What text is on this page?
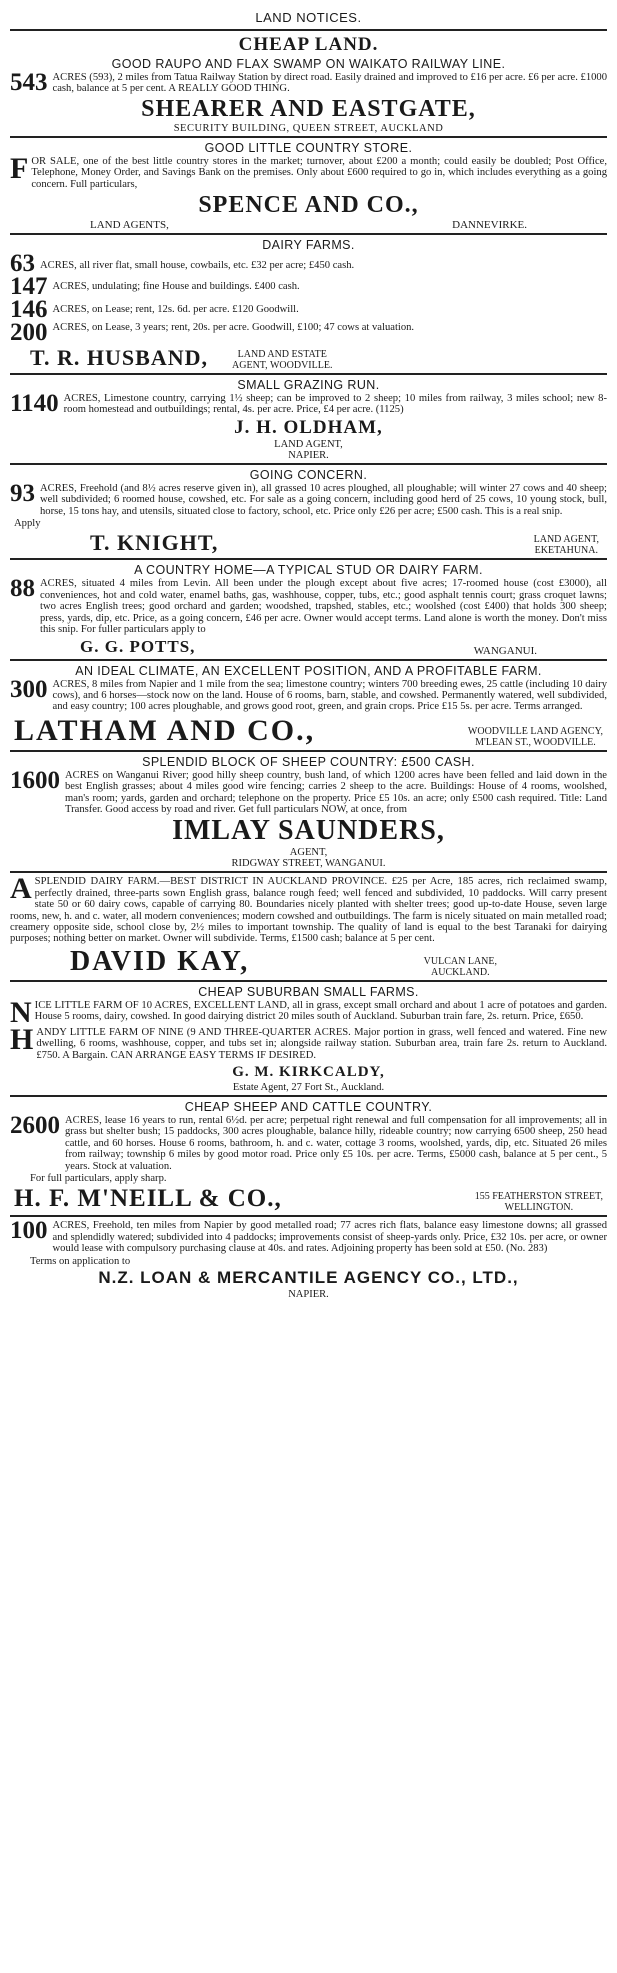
LAND NOTICES.
CHEAP LAND.
GOOD RAUPO AND FLAX SWAMP ON WAIKATO RAILWAY LINE.
543 ACRES (593), 2 miles from Tatua Railway Station by direct road. Easily drained and improved to £16 per acre. £6 per acre. £1000 cash, balance at 5 per cent. A REALLY GOOD THING.
SHEARER AND EASTGATE,
SECURITY BUILDING, QUEEN STREET, AUCKLAND
GOOD LITTLE COUNTRY STORE.
F OR SALE, one of the best little country stores in the market; turnover, about £200 a month; could easily be doubled; Post Office, Telephone, Money Order, and Savings Bank on the premises. Only about £600 required to go in, which includes everything as a going concern. Full particulars,
SPENCE AND CO.,
LAND AGENTS,	DANNEVIRKE.
DAIRY FARMS.
63 ACRES, all river flat, small house, cowbails, etc. £32 per acre; £450 cash.
147 ACRES, undulating; fine House and buildings. £400 cash.
146 ACRES, on Lease; rent, 12s. 6d. per acre. £120 Goodwill.
200 ACRES, on Lease, 3 years; rent, 20s. per acre. Goodwill, £100; 47 cows at valuation.
T. R. HUSBAND,	LAND AND ESTATE
AGENT, WOODVILLE.
SMALL GRAZING RUN.
1140 ACRES, Limestone country, carrying 1½ sheep; can be improved to 2 sheep; 10 miles from railway, 3 miles school; new 8-room homestead and outbuildings; rental, 4s. per acre. Price, £4 per acre. (1125)
J. H. OLDHAM,
LAND AGENT,
NAPIER.
GOING CONCERN.
93 ACRES, Freehold (and 8½ acres reserve given in), all grassed 10 acres ploughed, all ploughable; will winter 27 cows and 40 sheep; well subdivided; 6 roomed house, cowshed, etc. For sale as a going concern, including good herd of 25 cows, 10 young stock, bull, horse, 15 tons hay, and utensils, situated close to factory, school, etc. Price only £26 per acre; £500 cash. This is a real snip.
Apply
T. KNIGHT,	LAND AGENT,
EKETAHUNA.
A COUNTRY HOME—A TYPICAL STUD OR DAIRY FARM.
88 ACRES, situated 4 miles from Levin. All been under the plough except about five acres; 17-roomed house (cost £3000), all conveniences, hot and cold water, enamel baths, gas, washhouse, copper, tubs, etc.; good asphalt tennis court; grass croquet lawns; two acres English trees; good orchard and garden; woodshed, trapshed, stables, etc.; woolshed (cost £400) that holds 300 sheep; press, yards, dip, etc. Price, as a going concern, £46 per acre. Owner would accept terms. Land alone is worth the money. Don't miss this snip. For fuller particulars apply to
G. G. POTTS,	WANGANUI.
AN IDEAL CLIMATE, AN EXCELLENT POSITION, AND A PROFITABLE FARM.
300 ACRES, 8 miles from Napier and 1 mile from the sea; limestone country; winters 700 breeding ewes, 25 cattle (including 10 dairy cows), and 6 horses—stock now on the land. House of 6 rooms, barn, stable, and cowshed. Permanently watered, well subdivided, and easy country; 100 acres ploughable, and grows good root, green, and grain crops. Price £15 5s. per acre. Terms arranged.
LATHAM AND CO.,	WOODVILLE LAND AGENCY,
M'LEAN ST., WOODVILLE.
SPLENDID BLOCK OF SHEEP COUNTRY: £500 CASH.
1600 ACRES on Wanganui River; good hilly sheep country, bush land, of which 1200 acres have been felled and laid down in the best English grasses; about 4 miles good wire fencing; carries 2 sheep to the acre. Buildings: House of 4 rooms, woolshed, man's room; yards, garden and orchard; telephone on the property. Price £5 10s. an acre; only £500 cash required. Title: Land Transfer. Good access by road and river. Get full particulars NOW, at once, from
IMLAY SAUNDERS,
AGENT,
RIDGWAY STREET, WANGANUI.
A SPLENDID DAIRY FARM.—BEST DISTRICT IN AUCKLAND PROVINCE. £25 per Acre, 185 acres, rich reclaimed swamp, perfectly drained, three-parts sown English grass, balance rough feed; well fenced and subdivided, 10 paddocks. Will carry present state 50 or 60 dairy cows, capable of carrying 80. Boundaries nicely planted with shelter trees; good up-to-date House, seven large rooms, new, h. and c. water, all modern conveniences; modern cowshed and outbuildings. The farm is nicely situated on main metalled road; creamery opposite side, school close by, 2½ miles to important township. The quality of land is equal to the best Taranaki for dairying purposes; nothing better on market. Owner will subdivide. Terms, £1500 cash; balance at 5 per cent.
DAVID KAY,	VULCAN LANE,
AUCKLAND.
CHEAP SUBURBAN SMALL FARMS.
N ICE LITTLE FARM OF 10 ACRES, EXCELLENT LAND, all in grass, except small orchard and about 1 acre of potatoes and garden. House 5 rooms, dairy, cowshed. In good dairying district 20 miles south of Auckland. Suburban train fare, 2s. return. Price, £650.
H ANDY LITTLE FARM OF NINE (9 AND THREE-QUARTER ACRES. Major portion in grass, well fenced and watered. Fine new dwelling, 6 rooms, washhouse, copper, and tubs set in; alongside railway station. Suburban area, train fare 2s. return to Auckland. £750. A Bargain. CAN ARRANGE EASY TERMS IF DESIRED.
G. M. KIRKCALDY,
Estate Agent, 27 Fort St., Auckland.
CHEAP SHEEP AND CATTLE COUNTRY.
2600 ACRES, lease 16 years to run, rental 6½d. per acre; perpetual right renewal and full compensation for all improvements; all in grass but shelter bush; 15 paddocks, 300 acres ploughable, balance hilly, rideable country; now carrying 6500 sheep, 250 head cattle, and 60 horses. House 6 rooms, bathroom, h. and c. water, cottage 3 rooms, woolshed, yards, dip, etc. Situated 26 miles from railway; township 6 miles by good motor road. Price only £5 10s. per acre. Terms, £5000 cash, balance at 5 per cent., 5 years. Stock at valuation.
For full particulars, apply sharp.
H. F. M'NEILL & CO.,	155 FEATHERSTON STREET,
WELLINGTON.
100 ACRES, Freehold, ten miles from Napier by good metalled road; 77 acres rich flats, balance easy limestone downs; all grassed and splendidly watered; subdivided into 4 paddocks; improvements consist of sheep-yards only. Price, £32 10s. per acre, or owner would lease with compulsory purchasing clause at 40s. and rates. Adjoining property has been sold at £50. (No. 283)
Terms on application to
N.Z. LOAN & MERCANTILE AGENCY CO., LTD.,
NAPIER.
